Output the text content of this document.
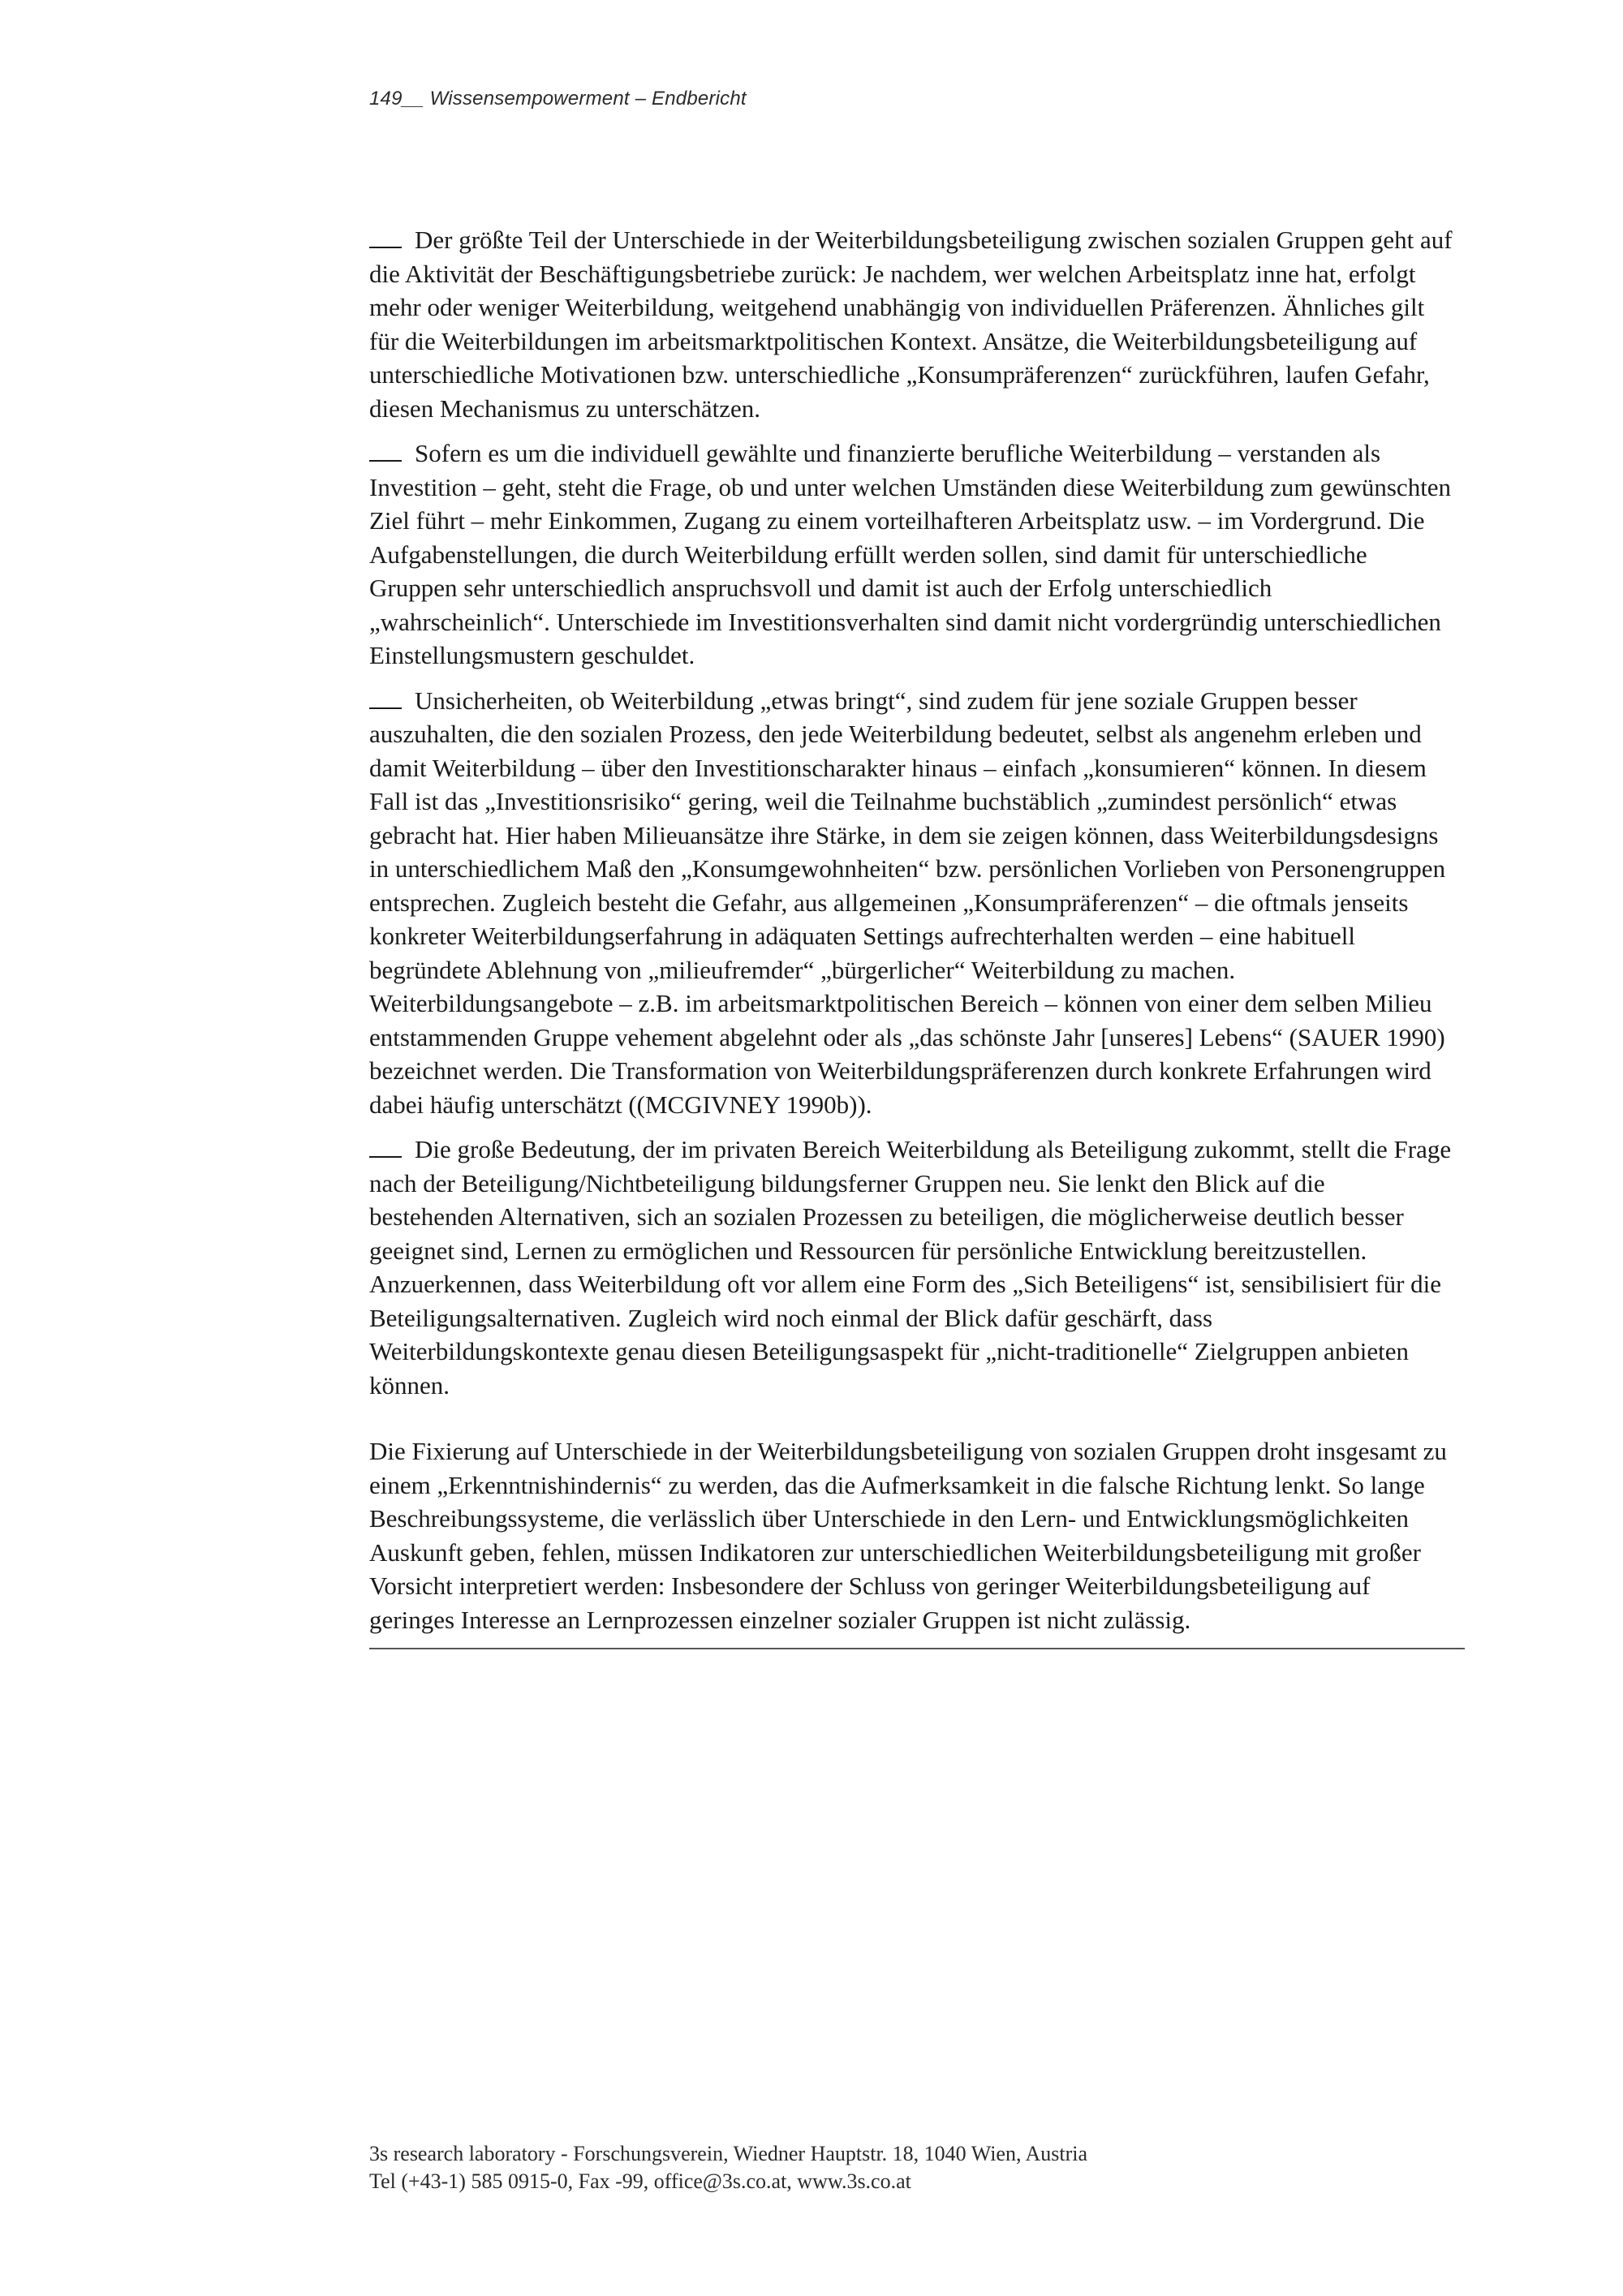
149__ Wissensempowerment – Endbericht

Der größte Teil der Unterschiede in der Weiterbildungsbeteiligung zwischen sozialen Gruppen geht auf die Aktivität der Beschäftigungsbetriebe zurück: Je nachdem, wer welchen Arbeitsplatz inne hat, erfolgt mehr oder weniger Weiterbildung, weitgehend unabhängig von individuellen Präferenzen. Ähnliches gilt für die Weiterbildungen im arbeitsmarktpolitischen Kontext. Ansätze, die Weiterbildungsbeteiligung auf unterschiedliche Motivationen bzw. unterschiedliche „Konsumpräferenzen“ zurückführen, laufen Gefahr, diesen Mechanismus zu unterschätzen.

Sofern es um die individuell gewählte und finanzierte berufliche Weiterbildung – verstanden als Investition – geht, steht die Frage, ob und unter welchen Umständen diese Weiterbildung zum gewünschten Ziel führt – mehr Einkommen, Zugang zu einem vorteilhafteren Arbeitsplatz usw. – im Vordergrund. Die Aufgabenstellungen, die durch Weiterbildung erfüllt werden sollen, sind damit für unterschiedliche Gruppen sehr unterschiedlich anspruchsvoll und damit ist auch der Erfolg unterschiedlich „wahrscheinlich“. Unterschiede im Investitionsverhalten sind damit nicht vordergründig unterschiedlichen Einstellungsmustern geschuldet.

Unsicherheiten, ob Weiterbildung „etwas bringt“, sind zudem für jene soziale Gruppen besser auszuhalten, die den sozialen Prozess, den jede Weiterbildung bedeutet, selbst als angenehm erleben und damit Weiterbildung – über den Investitionscharakter hinaus – einfach „konsumieren“ können. In diesem Fall ist das „Investitionsrisiko“ gering, weil die Teilnahme buchstäblich „zumindest persönlich“ etwas gebracht hat. Hier haben Milieuansätze ihre Stärke, in dem sie zeigen können, dass Weiterbildungsdesigns in unterschiedlichem Maß den „Konsumgewohnheiten“ bzw. persönlichen Vorlieben von Personengruppen entsprechen. Zugleich besteht die Gefahr, aus allgemeinen „Konsumpräferenzen“ – die oftmals jenseits konkreter Weiterbildungserfahrung in adäquaten Settings aufrechterhalten werden – eine habituell begründete Ablehnung von „milieufremder“ „bürgerlicher“ Weiterbildung zu machen. Weiterbildungsangebote – z.B. im arbeitsmarktpolitischen Bereich – können von einer dem selben Milieu entstammenden Gruppe vehement abgelehnt oder als „das schönste Jahr [unseres] Lebens“ (SAUER 1990) bezeichnet werden. Die Transformation von Weiterbildungspräferenzen durch konkrete Erfahrungen wird dabei häufig unterschätzt ((MCGIVNEY 1990b)).

Die große Bedeutung, der im privaten Bereich Weiterbildung als Beteiligung zukommt, stellt die Frage nach der Beteiligung/Nichtbeteiligung bildungsferner Gruppen neu. Sie lenkt den Blick auf die bestehenden Alternativen, sich an sozialen Prozessen zu beteiligen, die möglicherweise deutlich besser geeignet sind, Lernen zu ermöglichen und Ressourcen für persönliche Entwicklung bereitzustellen. Anzuerkennen, dass Weiterbildung oft vor allem eine Form des „Sich Beteiligens“ ist, sensibilisiert für die Beteiligungsalternativen. Zugleich wird noch einmal der Blick dafür geschärft, dass Weiterbildungskontexte genau diesen Beteiligungsaspekt für „nicht-traditionelle“ Zielgruppen anbieten können.

Die Fixierung auf Unterschiede in der Weiterbildungsbeteiligung von sozialen Gruppen droht insgesamt zu einem „Erkenntnishindernis“ zu werden, das die Aufmerksamkeit in die falsche Richtung lenkt. So lange Beschreibungssysteme, die verlässlich über Unterschiede in den Lern- und Entwicklungsmöglichkeiten Auskunft geben, fehlen, müssen Indikatoren zur unterschiedlichen Weiterbildungsbeteiligung mit großer Vorsicht interpretiert werden: Insbesondere der Schluss von geringer Weiterbildungsbeteiligung auf geringes Interesse an Lernprozessen einzelner sozialer Gruppen ist nicht zulässig.

3s research laboratory - Forschungsverein, Wiedner Hauptstr. 18, 1040 Wien, Austria
Tel (+43-1) 585 0915-0, Fax -99, office@3s.co.at, www.3s.co.at
